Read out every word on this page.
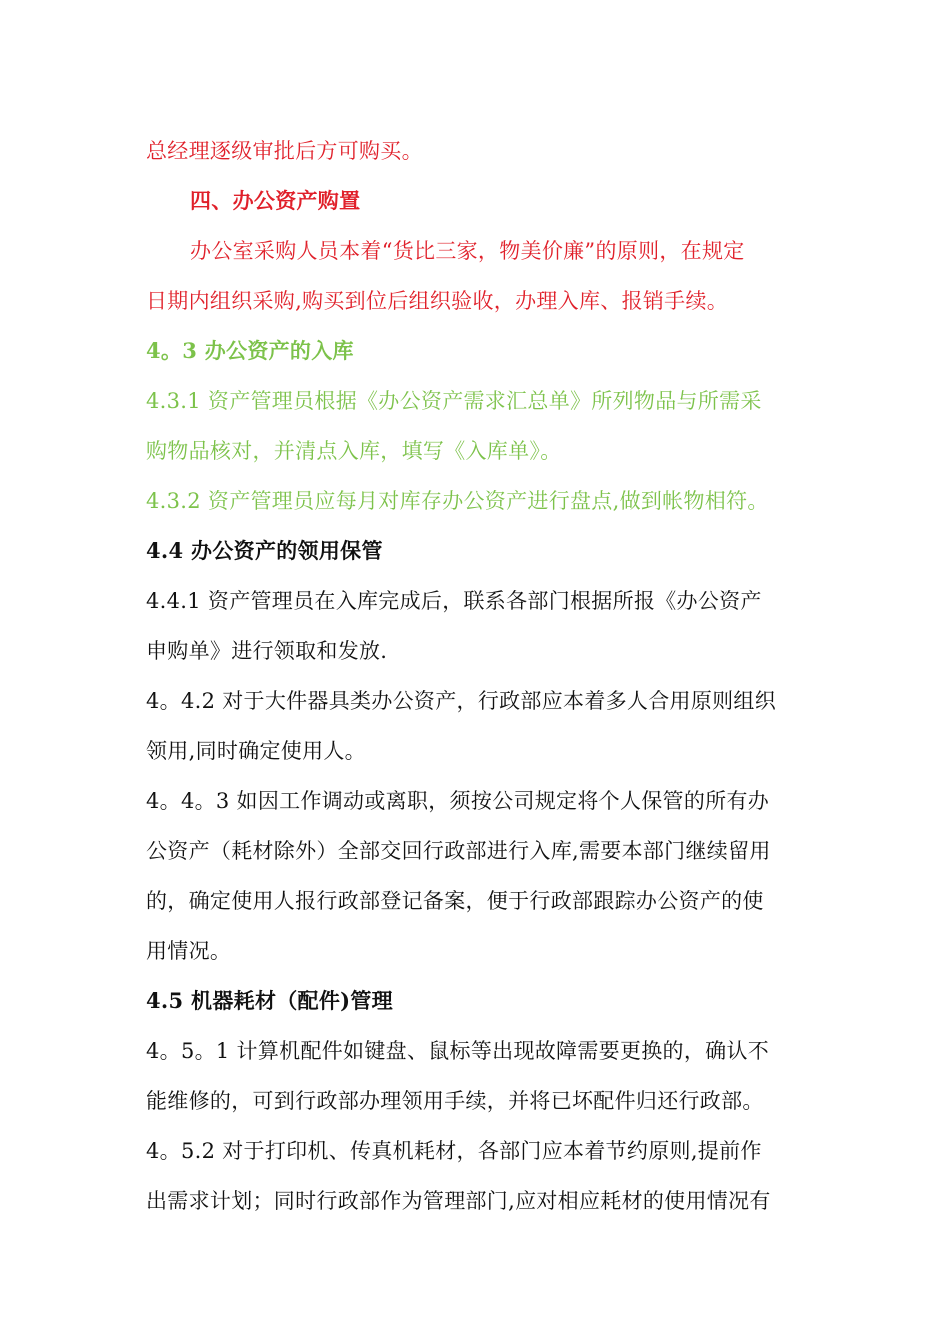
总经理逐级审批后方可购买。
四、办公资产购置
办公室采购人员本着“货比三家，物美价廉”的原则，在规定
日期内组织采购,购买到位后组织验收，办理入库、报销手续。
4。3 办公资产的入库
4.3.1 资产管理员根据《办公资产需求汇总单》所列物品与所需采
购物品核对，并清点入库，填写《入库单》。
4.3.2 资产管理员应每月对库存办公资产进行盘点,做到帐物相符。
4.4 办公资产的领用保管
4.4.1 资产管理员在入库完成后，联系各部门根据所报《办公资产
申购单》进行领取和发放.
4。4.2 对于大件器具类办公资产，行政部应本着多人合用原则组织
领用,同时确定使用人。
4。4。3 如因工作调动或离职，须按公司规定将个人保管的所有办
公资产（耗材除外）全部交回行政部进行入库,需要本部门继续留用
的，确定使用人报行政部登记备案，便于行政部跟踪办公资产的使
用情况。
4.5 机器耗材（配件)管理
4。5。1 计算机配件如键盘、鼠标等出现故障需要更换的，确认不
能维修的，可到行政部办理领用手续，并将已坏配件归还行政部。
4。5.2 对于打印机、传真机耗材，各部门应本着节约原则,提前作
出需求计划；同时行政部作为管理部门,应对相应耗材的使用情况有
